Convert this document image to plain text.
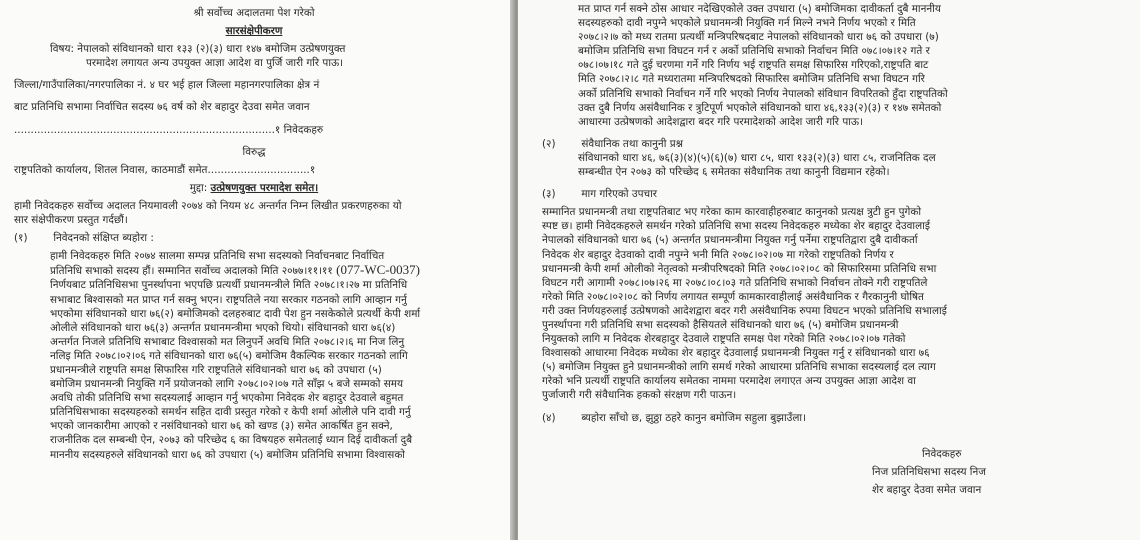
श्री सर्वोच्च अदालतमा पेश गरेको
सारसंक्षेपीकरण
विषय: नेपालको संविधानको धारा १३३ (२)(३) धारा १४७ बमोजिम उत्प्रेषणयुक्त
परमादेश लगायत अन्य उपयुक्त आज्ञा आदेश वा पुर्जि जारी गरि पाऊ।
जिल्ला/गाउँपालिका/नगरपालिका नं. ४ घर भई हाल जिल्ला महानगरपालिका क्षेत्र नं
बाट प्रतिनिधि सभामा निर्वाचित सदस्य ७६ वर्ष को शेर बहादुर देउवा समेत जवान
...............................................................................१ निवेदकहरु
विरुद्ध
राष्ट्रपतिको कार्यालय, शितल निवास, काठमाडौं समेत...............................१
मुद्दा: उत्प्रेषणयुक्त परमादेश समेत।
हामी निवेदकहरु सर्वोच्च अदालत नियमावली २०७४ को नियम ४८ अन्तर्गत निम्न लिखीत प्रकरणहरुका यो
सार संक्षेपीकरण प्रस्तुत गर्दछौं।
(१) निवेदनको संक्षिप्त ब्यहोरा :
हामी निवेदकहरु मिति २०७४ सालमा सम्पन्न प्रतिनिधि सभा सदस्यको निर्वाचनबाट निर्वाचित
प्रतिनिधि सभाको सदस्य हौं। सम्मानित सर्वोच्च अदालको मिति २०७७।११।११ (077-WC-0037)
निर्णयबाट प्रतिनिधिसभा पुनर्स्थापना भएपछि प्रत्यर्थी प्रधानमन्त्रीले मिति २०७८।१।२७ मा प्रतिनिधि
सभाबाट बिश्वासको मत प्राप्त गर्न सक्नु भएन। राष्ट्रपतिले नया सरकार गठनको लागि आव्हान गर्नु
भएकोमा संविधानको धारा ७६(२) बमोजिमको दलहरुबाट दावी पेश हुन नसकेकोले प्रत्यर्थी केपी शर्मा
ओलीले संविधानको धारा ७६(३) अन्तर्गत प्रधानमन्त्रीमा भएको थियो। संविधानको धारा ७६(४)
अन्तर्गत निजले प्रतिनिधि सभाबाट विश्वासको मत लिनुपर्ने अवधि मिति २०७८।२।६ मा निज लिनु
नलिइ मिति २०७८।०२।०६ गते संविधानको धारा ७६(५) बमोजिम वैकल्पिक सरकार गठनको लागि
प्रधानमन्त्रीले राष्ट्रपति समक्ष सिफारिस गरि राष्ट्रपतिले संविधानको धारा ७६ को उपधारा (५)
बमोजिम प्रधानमन्त्री नियुक्ति गर्ने प्रयोजनको लागि २०७८।०२।०७ गते साँझ ५ बजे सम्मको समय
अवधि तोकी प्रतिनिधि सभा सदस्यलाई आव्हान गर्नु भएकोमा निवेदक शेर बहादुर देउवाले बहुमत
प्रतिनिधिसभाका सदस्यहरुको समर्थन सहित दावी प्रस्तुत गरेको र केपी शर्मा ओलीले पनि दावी गर्नु
भएको जानकारीमा आएको र नसंविधानको धारा ७६ को खण्ड (३) समेत आकर्षित हुन सक्ने,
राजनीतिक दल सम्बन्धी ऐन, २०७३ को परिच्छेद ६ का विषयहरु समेतलाई ध्यान दिई दावीकर्ता दुबै
माननीय सदस्यहरुले संविधानको धारा ७६ को उपधारा (५) बमोजिम प्रतिनिधि सभामा विश्वासको
मत प्राप्त गर्न सक्ने ठोस आधार नदेखिएकोले उक्त उपधारा (५) बमोजिमका दावीकर्ता दुबै माननीय
सदस्यहरुको दावी नपुग्ने भएकोले प्रधानमन्त्री नियुक्ति गर्न मिल्ने नभने निर्णय भएको र मिति
२०७८।२।७ को मध्य रातमा प्रत्यर्थी मन्त्रिपरिषदबाट नेपालको संविधानको धारा ७६ को उपधारा (७)
बमोजिम प्रतिनिधि सभा विघटन गर्न र अर्को प्रतिनिधि सभाको निर्वाचन मिति ०७८।०७।१२ गते र
०७८।०७।१८ गते दुई चरणमा गर्ने गरि निर्णय भई राष्ट्रपति समक्ष सिफारिस गरिएको,राष्ट्रपति बाट
मिति २०७८।२।८ गते मध्यरातमा मन्त्रिपरिषदको सिफारिस बमोजिम प्रतिनिधि सभा विघटन गरि
अर्को प्रतिनिधि सभाको निर्वाचन गर्ने गरि भएको निर्णय नेपालको संविधान विपरितको हुँदा राष्ट्रपतिको
उक्त दुबै निर्णय असंवैधानिक र त्रुटिपूर्ण भएकोले संविधानको धारा ४६,१३३(२)(३) र १४७ समेतको
आधारमा उत्प्रेषणको आदेशद्वारा बदर गरि परमादेशको आदेश जारी गरि पाऊ।
(२) संवैधानिक तथा कानुनी प्रश्न
संविधानको धारा ४६, ७६(३)(४)(५)(६)(७) धारा ८५, धारा १३३(२)(३) धारा ८५, राजनितिक दल
सम्बन्धीत ऐन २०७३ को परिच्छेद ६ समेतका संवैधानिक तथा कानुनी विद्यमान रहेको।
(३) माग गरिएको उपचार
सम्मानित प्रधानमन्त्री तथा राष्ट्रपतिबाट भए गरेका काम कारवाहीहरुबाट कानुनको प्रत्यक्ष त्रुटी हुन पुगेको
स्पष्ट छ। हामी निवेदकहरुले समर्थन गरेको प्रतिनिधि सभा सदस्य निवेदकहरु मध्येका शेर बहादुर देउवालाई
नेपालको संविधानको धारा ७६ (५) अन्तर्गत प्रधानमन्त्रीमा नियुक्त गर्नु पर्नेमा राष्ट्रपतिद्वारा दुबै दावीकर्ता
निवेदक शेर बहादुर देउवाको दावी नपुग्ने भनी मिति २०७८।०२।०७ मा गरेको राष्ट्रपतिको निर्णय र
प्रधानमन्त्री केपी शर्मा ओलीको नेतृत्वको मन्त्रीपरिषदको मिति २०७८।०२।०८ को सिफारिसमा प्रतिनिधि सभा
विघटन गरी आगामी २०७८।०७।२६ मा २०७८।०८।०३ गते प्रतिनिधि सभाको निर्वाचन तोक्ने गरी राष्ट्रपतिले
गरेको मिति २०७८।०२।०८ को निर्णय लगायत सम्पूर्ण कामकारवाहीलाई असंवैधानिक र गैरकानुनी घोषित
गरी उक्त निर्णयहरुलाई उत्प्रेषणको आदेशद्वारा बदर गरी असंवैधानिक रुपमा विघटन भएको प्रतिनिधि सभालाई
पुनर्स्थापना गरी प्रतिनिधि सभा सदस्यको हैसियतले संविधानको धारा ७६ (५) बमोजिम प्रधानमन्त्री
नियुक्तको लागि म निवेदक शेरबहादुर देउवाले राष्ट्रपति समक्ष पेश गरेको मिति २०७८।०२।०७ गतेको
विश्वासको आधारमा निवेदक मध्येका शेर बहादुर देउवालाई प्रधानमन्त्री नियुक्त गर्नु र संविधानको धारा ७६
(५) बमोजिम नियुक्त हुने प्रधानमन्त्रीको लागि समर्थ गरेको आधारमा प्रतिनिधि सभाका सदस्यलाई दल त्याग
गरेको भनि प्रत्यर्थी राष्ट्रपति कार्यालय समेतका नाममा परमादेश लगाएत अन्य उपयुक्त आज्ञा आदेश वा
पुर्जाजारी गरी संवैधानिक हकको संरक्षण गरी पाऊन।
(४) ब्यहोरा साँचो छ, झुठ्ठा ठहरे कानुन बमोजिम सहुला बुझाउँला।
निवेदकहरु
निज प्रतिनिधिसभा सदस्य निज
शेर बहादुर देउवा समेत जवान
